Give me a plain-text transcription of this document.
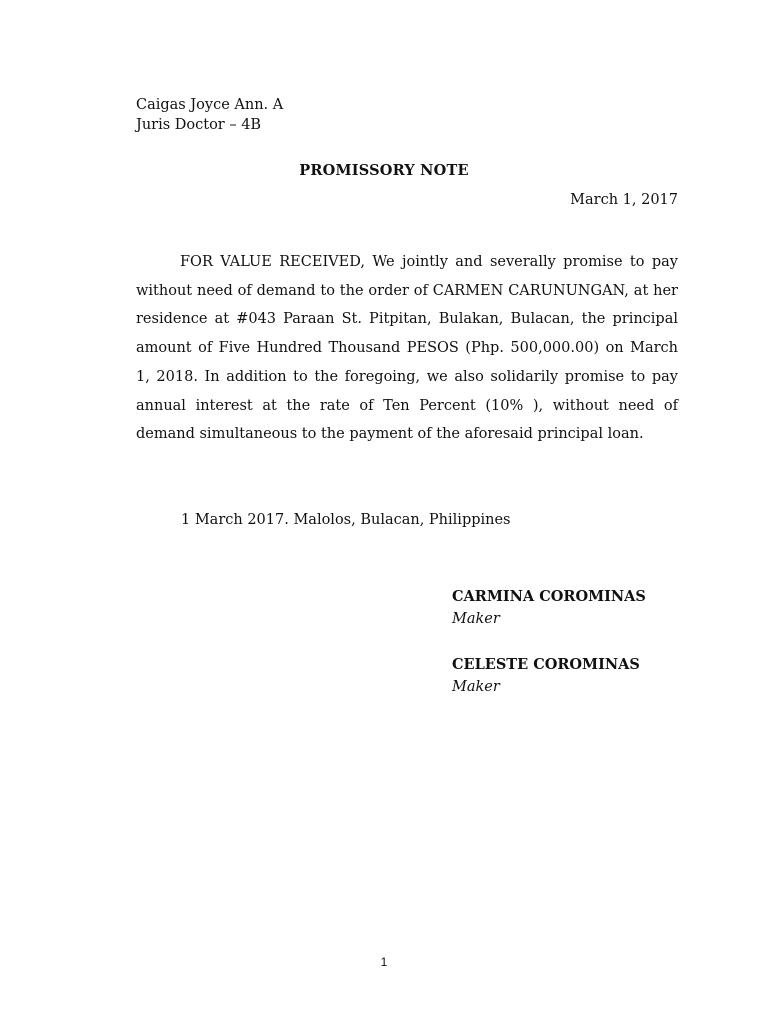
Caigas Joyce Ann. A
Juris Doctor – 4B
PROMISSORY NOTE
March 1, 2017

FOR VALUE RECEIVED, We jointly and severally promise to pay without need of demand to the order of CARMEN CARUNUNGAN, at her residence at #043 Paraan St. Pitpitan, Bulakan, Bulacan, the principal amount of Five Hundred Thousand PESOS (Php. 500,000.00) on March 1, 2018. In addition to the foregoing, we also solidarily promise to pay annual interest at the rate of Ten Percent (10% ), without need of demand simultaneous to the payment of the aforesaid principal loan.

1 March 2017. Malolos, Bulacan, Philippines
CARMINA COROMINAS
Maker
CELESTE COROMINAS
Maker
1
